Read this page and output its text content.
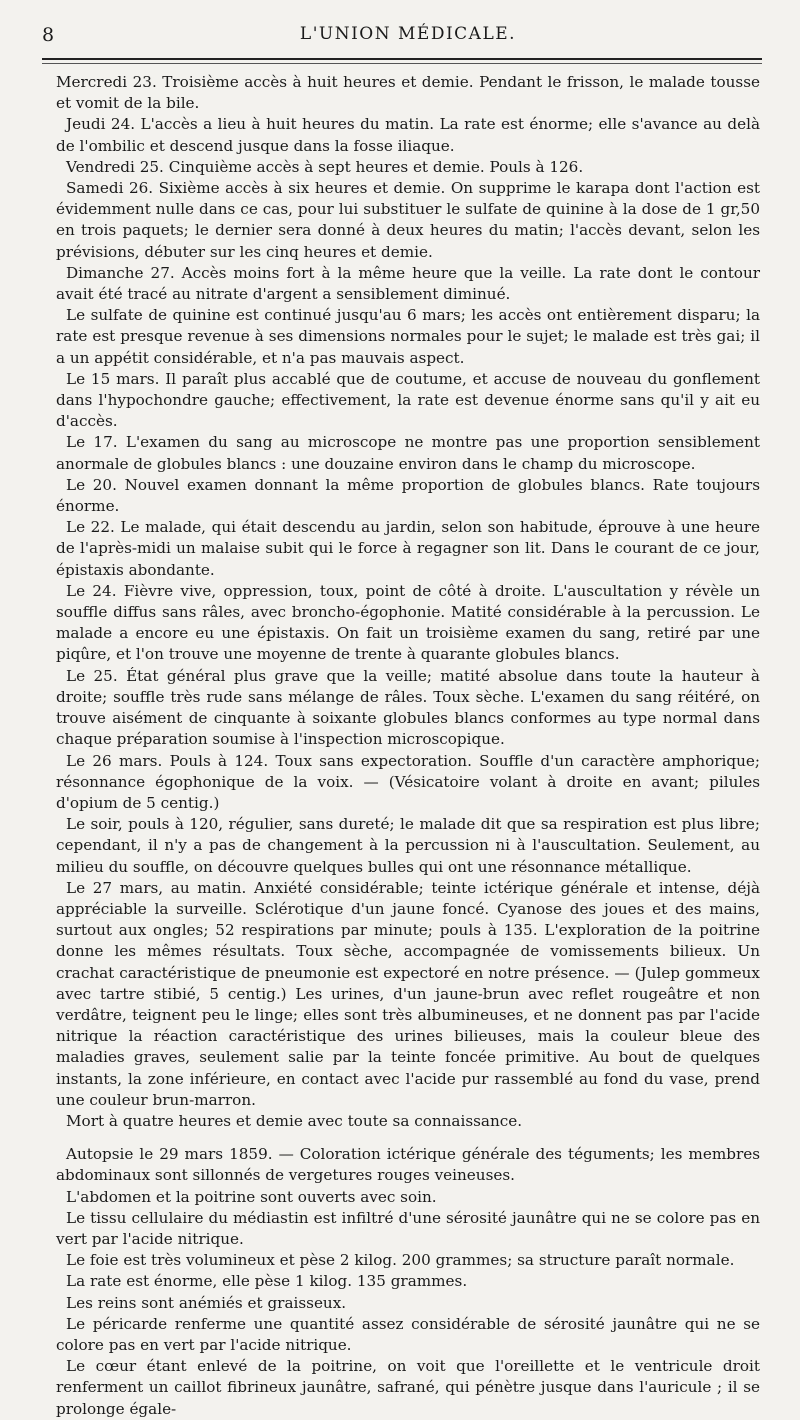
8	L'UNION MÉDICALE.

Mercredi 23. Troisième accès à huit heures et demie. Pendant le frisson, le malade tousse et vomit de la bile.

Jeudi 24. L'accès a lieu à huit heures du matin. La rate est énorme; elle s'avance au delà de l'ombilic et descend jusque dans la fosse iliaque.

Vendredi 25. Cinquième accès à sept heures et demie. Pouls à 126.

Samedi 26. Sixième accès à six heures et demie. On supprime le karapa dont l'action est évidemment nulle dans ce cas, pour lui substituer le sulfate de quinine à la dose de 1 gr,50 en trois paquets; le dernier sera donné à deux heures du matin; l'accès devant, selon les prévisions, débuter sur les cinq heures et demie.

Dimanche 27. Accès moins fort à la même heure que la veille. La rate dont le contour avait été tracé au nitrate d'argent a sensiblement diminué.

Le sulfate de quinine est continué jusqu'au 6 mars; les accès ont entièrement disparu; la rate est presque revenue à ses dimensions normales pour le sujet; le malade est très gai; il a un appétit considérable, et n'a pas mauvais aspect.

Le 15 mars. Il paraît plus accablé que de coutume, et accuse de nouveau du gonflement dans l'hypochondre gauche; effectivement, la rate est devenue énorme sans qu'il y ait eu d'accès.

Le 17. L'examen du sang au microscope ne montre pas une proportion sensiblement anormale de globules blancs : une douzaine environ dans le champ du microscope.

Le 20. Nouvel examen donnant la même proportion de globules blancs. Rate toujours énorme.

Le 22. Le malade, qui était descendu au jardin, selon son habitude, éprouve à une heure de l'après-midi un malaise subit qui le force à regagner son lit. Dans le courant de ce jour, épistaxis abondante.

Le 24. Fièvre vive, oppression, toux, point de côté à droite. L'auscultation y révèle un souffle diffus sans râles, avec broncho-égophonie. Matité considérable à la percussion. Le malade a encore eu une épistaxis. On fait un troisième examen du sang, retiré par une piqûre, et l'on trouve une moyenne de trente à quarante globules blancs.

Le 25. État général plus grave que la veille; matité absolue dans toute la hauteur à droite; souffle très rude sans mélange de râles. Toux sèche. L'examen du sang réitéré, on trouve aisément de cinquante à soixante globules blancs conformes au type normal dans chaque préparation soumise à l'inspection microscopique.

Le 26 mars. Pouls à 124. Toux sans expectoration. Souffle d'un caractère amphorique; résonnance égophonique de la voix. — (Vésicatoire volant à droite en avant; pilules d'opium de 5 centig.)

Le soir, pouls à 120, régulier, sans dureté; le malade dit que sa respiration est plus libre; cependant, il n'y a pas de changement à la percussion ni à l'auscultation. Seulement, au milieu du souffle, on découvre quelques bulles qui ont une résonnance métallique.

Le 27 mars, au matin. Anxiété considérable; teinte ictérique générale et intense, déjà appréciable la surveille. Sclérotique d'un jaune foncé. Cyanose des joues et des mains, surtout aux ongles; 52 respirations par minute; pouls à 135. L'exploration de la poitrine donne les mêmes résultats. Toux sèche, accompagnée de vomissements bilieux. Un crachat caractéristique de pneumonie est expectoré en notre présence. — (Julep gommeux avec tartre stibié, 5 centig.) Les urines, d'un jaune-brun avec reflet rougeâtre et non verdâtre, teignent peu le linge; elles sont très albumineuses, et ne donnent pas par l'acide nitrique la réaction caractéristique des urines bilieuses, mais la couleur bleue des maladies graves, seulement salie par la teinte foncée primitive. Au bout de quelques instants, la zone inférieure, en contact avec l'acide pur rassemblé au fond du vase, prend une couleur brun-marron.

Mort à quatre heures et demie avec toute sa connaissance.

Autopsie le 29 mars 1859. — Coloration ictérique générale des téguments; les membres abdominaux sont sillonnés de vergetures rouges veineuses.

L'abdomen et la poitrine sont ouverts avec soin.

Le tissu cellulaire du médiastin est infiltré d'une sérosité jaunâtre qui ne se colore pas en vert par l'acide nitrique.

Le foie est très volumineux et pèse 2 kilog. 200 grammes; sa structure paraît normale.

La rate est énorme, elle pèse 1 kilog. 135 grammes.

Les reins sont anémiés et graisseux.

Le péricarde renferme une quantité assez considérable de sérosité jaunâtre qui ne se colore pas en vert par l'acide nitrique.

Le cœur étant enlevé de la poitrine, on voit que l'oreillette et le ventricule droit renferment un caillot fibrineux jaunâtre, safrané, qui pénètre jusque dans l'auricule ; il se prolonge égale-
